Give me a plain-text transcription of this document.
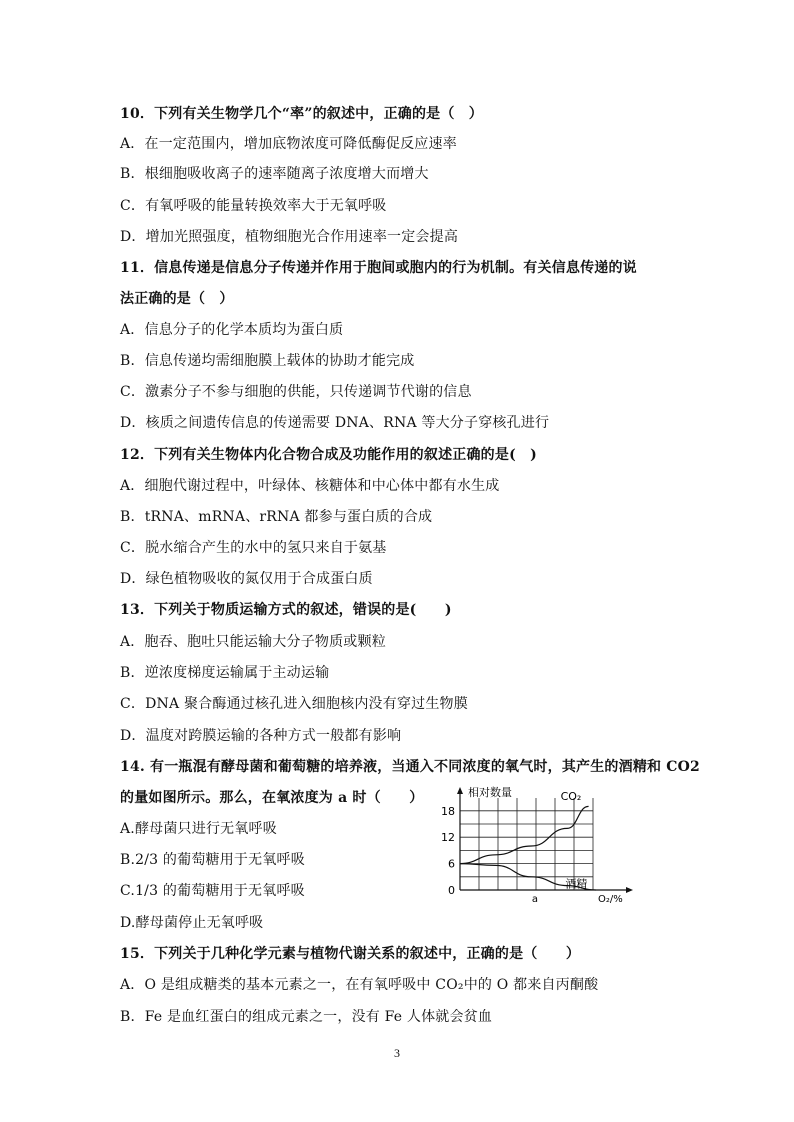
10．下列有关生物学几个“率”的叙述中，正确的是（　）
A．在一定范围内，增加底物浓度可降低酶促反应速率
B．根细胞吸收离子的速率随离子浓度增大而增大
C．有氧呼吸的能量转换效率大于无氧呼吸
D．增加光照强度，植物细胞光合作用速率一定会提高
11．信息传递是信息分子传递并作用于胞间或胞内的行为机制。有关信息传递的说
法正确的是（　）
A．信息分子的化学本质均为蛋白质
B．信息传递均需细胞膜上载体的协助才能完成
C．激素分子不参与细胞的供能，只传递调节代谢的信息
D．核质之间遗传信息的传递需要 DNA、RNA 等大分子穿核孔进行
12．下列有关生物体内化合物合成及功能作用的叙述正确的是(　)
A．细胞代谢过程中，叶绿体、核糖体和中心体中都有水生成
B．tRNA、mRNA、rRNA 都参与蛋白质的合成
C．脱水缩合产生的水中的氢只来自于氨基
D．绿色植物吸收的氮仅用于合成蛋白质
13．下列关于物质运输方式的叙述，错误的是(　　)
A．胞吞、胞吐只能运输大分子物质或颗粒
B．逆浓度梯度运输属于主动运输
C．DNA 聚合酶通过核孔进入细胞核内没有穿过生物膜
D．温度对跨膜运输的各种方式一般都有影响
14. 有一瓶混有酵母菌和葡萄糖的培养液，当通入不同浓度的氧气时，其产生的酒精和 CO2
的量如图所示。那么，在氧浓度为 a 时（　　）
A.酵母菌只进行无氧呼吸
B.2/3 的葡萄糖用于无氧呼吸
C.1/3 的葡萄糖用于无氧呼吸
D.酵母菌停止无氧呼吸
相对数量
0
6
12
18
a	O₂/%
CO₂
酒精
15．下列关于几种化学元素与植物代谢关系的叙述中，正确的是（　　）
A．O 是组成糖类的基本元素之一，在有氧呼吸中 CO₂中的 O 都来自丙酮酸
B．Fe 是血红蛋白的组成元素之一，没有 Fe 人体就会贫血
3
